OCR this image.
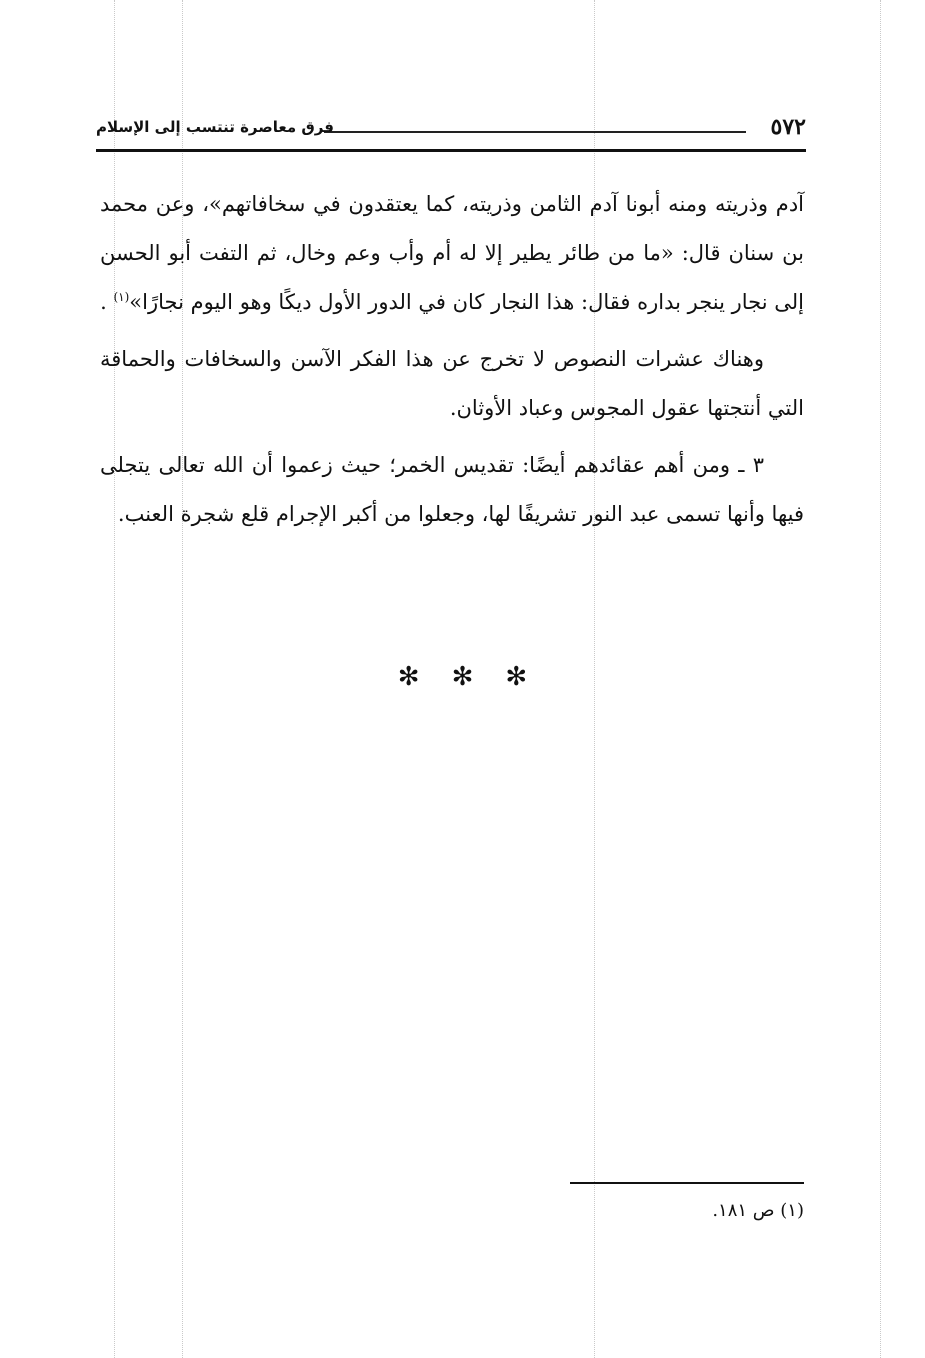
٥٧٢
فرق معاصرة تنتسب إلى الإسلام

آدم وذريته ومنه أبونا آدم الثامن وذريته، كما يعتقدون في سخافاتهم»، وعن محمد بن سنان قال: «ما من طائر يطير إلا له أم وأب وعم وخال، ثم التفت أبو الحسن إلى نجار ينجر بداره فقال: هذا النجار كان في الدور الأول ديكًا وهو اليوم نجارًا»$^{(١)}$ .

وهناك عشرات النصوص لا تخرج عن هذا الفكر الآسن والسخافات والحماقة التي أنتجتها عقول المجوس وعباد الأوثان.

٣ ـ ومن أهم عقائدهم أيضًا: تقديس الخمر؛ حيث زعموا أن الله تعالى يتجلى فيها وأنها تسمى عبد النور تشريفًا لها، وجعلوا من أكبر الإجرام قلع شجرة العنب.

✻ ✻ ✻
(١) ص ١٨١.
